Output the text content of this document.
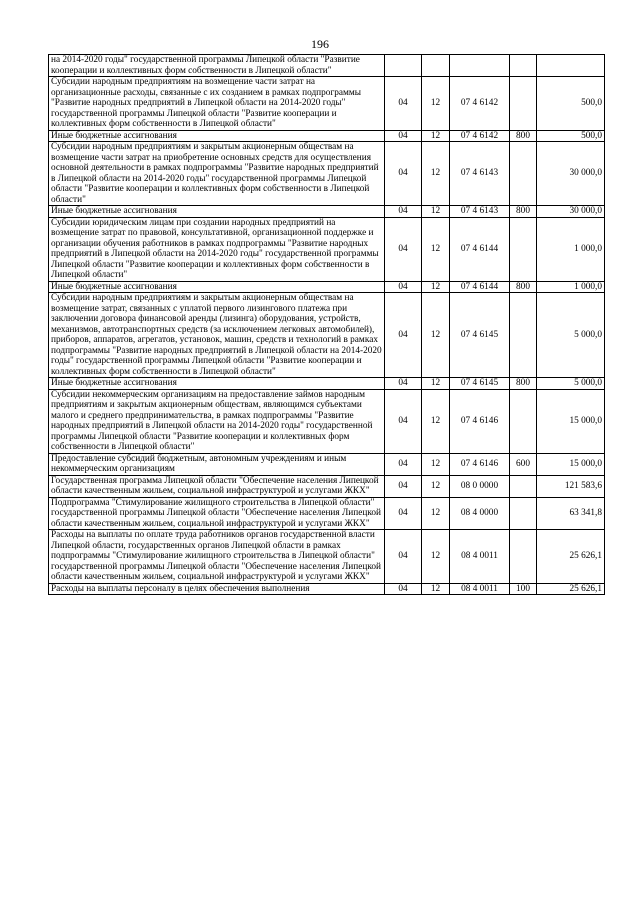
196
на 2014-2020 годы" государственной программы Липецкой области "Развитие кооперации и коллективных форм собственности в Липецкой области"					
Субсидии народным предприятиям на возмещение части затрат на организационные расходы, связанные с их созданием в рамках подпрограммы "Развитие народных предприятий в Липецкой области на 2014-2020 годы" государственной программы Липецкой области "Развитие кооперации и коллективных форм собственности в Липецкой области"	04	12	07 4 6142		500,0
Иные бюджетные ассигнования	04	12	07 4 6142	800	500,0
Субсидии народным предприятиям и закрытым акционерным обществам на возмещение части затрат на приобретение основных средств для осуществления основной деятельности в рамках подпрограммы "Развитие народных предприятий в Липецкой области на 2014-2020 годы" государственной программы Липецкой области "Развитие кооперации и коллективных форм собственности в Липецкой области"	04	12	07 4 6143		30 000,0
Иные бюджетные ассигнования	04	12	07 4 6143	800	30 000,0
Субсидии юридическим лицам при создании народных предприятий на возмещение затрат по правовой, консультативной, организационной поддержке и организации обучения работников в рамках подпрограммы "Развитие народных предприятий в Липецкой области на 2014-2020 годы" государственной программы Липецкой области "Развитие кооперации и коллективных форм собственности в Липецкой области"	04	12	07 4 6144		1 000,0
Иные бюджетные ассигнования	04	12	07 4 6144	800	1 000,0
Субсидии народным предприятиям и закрытым акционерным обществам на возмещение затрат, связанных с уплатой первого лизингового платежа при заключении договора финансовой аренды (лизинга) оборудования, устройств, механизмов, автотранспортных средств (за исключением легковых автомобилей), приборов, аппаратов, агрегатов, установок, машин, средств и технологий в рамках подпрограммы "Развитие народных предприятий в Липецкой области на 2014-2020 годы" государственной программы Липецкой области "Развитие кооперации и коллективных форм собственности в Липецкой области"	04	12	07 4 6145		5 000,0
Иные бюджетные ассигнования	04	12	07 4 6145	800	5 000,0
Субсидии некоммерческим организациям на предоставление займов народным предприятиям и закрытым акционерным обществам, являющимся субъектами малого и среднего предпринимательства, в рамках подпрограммы "Развитие народных предприятий в Липецкой области на 2014-2020 годы" государственной программы Липецкой области "Развитие кооперации и коллективных форм собственности в Липецкой области"	04	12	07 4 6146		15 000,0
Предоставление субсидий бюджетным, автономным учреждениям и иным некоммерческим организациям	04	12	07 4 6146	600	15 000,0
Государственная программа Липецкой области "Обеспечение населения Липецкой области качественным жильем, социальной инфраструктурой и услугами ЖКХ"	04	12	08 0 0000		121 583,6
Подпрограмма "Стимулирование жилищного строительства в Липецкой области" государственной программы Липецкой области "Обеспечение населения Липецкой области качественным жильем, социальной инфраструктурой и услугами ЖКХ"	04	12	08 4 0000		63 341,8
Расходы на выплаты по оплате труда работников органов государственной власти Липецкой области, государственных органов Липецкой области в рамках подпрограммы "Стимулирование жилищного строительства в Липецкой области" государственной программы Липецкой области "Обеспечение населения Липецкой области качественным жильем, социальной инфраструктурой и услугами ЖКХ"	04	12	08 4 0011		25 626,1
Расходы на выплаты персоналу в целях обеспечения выполнения	04	12	08 4 0011	100	25 626,1
